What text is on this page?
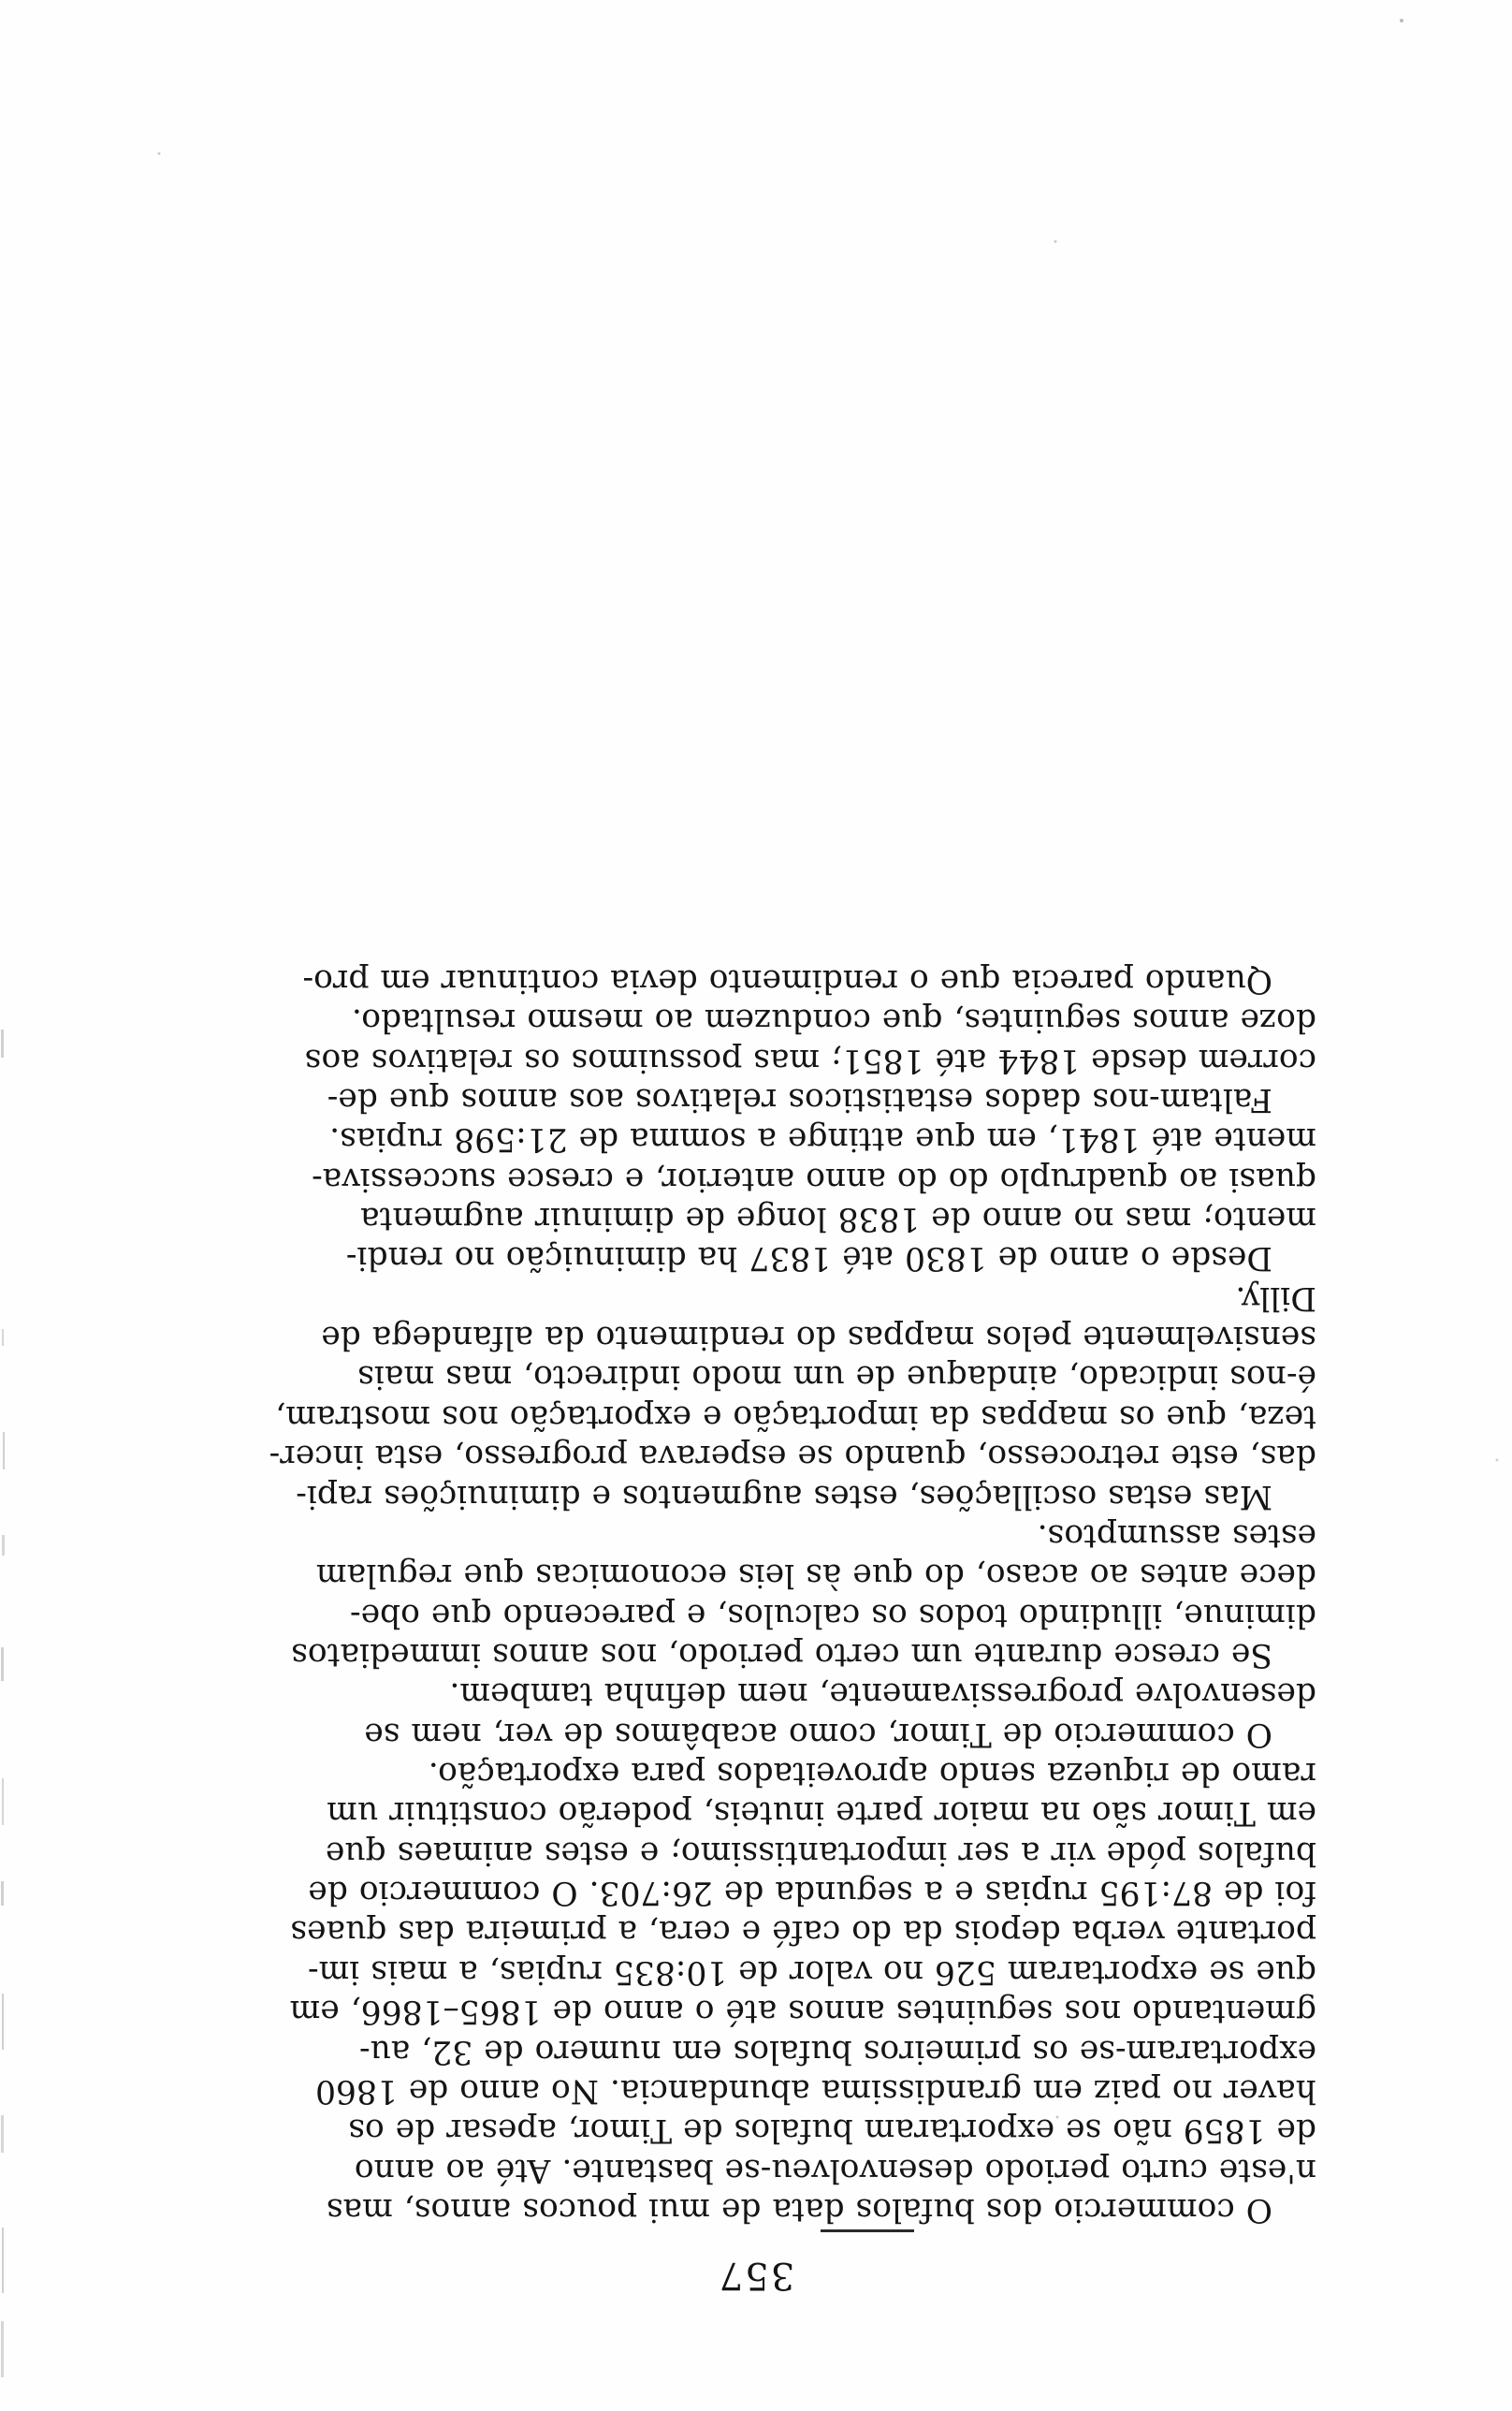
357
O commercio dos bufalos data de mui poucos annos, mas
n'este curto periodo desenvolveu-se bastante. Até ao anno
de 1859 não se exportaram bufalos de Timor, apesar de os
haver no paiz em grandissima abundancia. No anno de 1860
exportaram-se os primeiros bufalos em numero de 32, au-
gmentando nos seguintes annos até o anno de 1865–1866, em
que se exportaram 526 no valor de 10:835 rupias, a mais im-
portante verba depois da do café e cera, a primeira das quaes
foi de 87:195 rupias e a segunda de 26:703. O commercio de
bufalos póde vir a ser importantissimo; e estes animaes que
em Timor são na maior parte inuteis, poderão constituir um
ramo de riqueza sendo aproveitados para exportação.
O commercio de Timor, como acabâmos de ver, nem se
desenvolve progressivamente, nem definha tambem.
Se cresce durante um certo periodo, nos annos immediatos
diminue, illudindo todos os calculos, e parecendo que obe-
dece antes ao acaso, do que às leis economicas que regulam
estes assumptos.
Mas estas oscillações, estes augmentos e diminuições rapi-
das, este retrocesso, quando se esperava progresso, esta incer-
teza, que os mappas da importação e exportação nos mostram,
é-nos indicado, aindaque de um modo indirecto, mas mais
sensivelmente pelos mappas do rendimento da alfandega de
Dilly.
Desde o anno de 1830 até 1837 ha diminuição no rendi-
mento; mas no anno de 1838 longe de diminuir augmenta
quasi ao quadruplo do do anno anterior, e cresce successiva-
mente até 1841, em que attinge a somma de 21:598 rupias.
Faltam-nos dados estatisticos relativos aos annos que de-
correm desde 1844 até 1851; mas possuimos os relativos aos
doze annos seguintes, que conduzem ao mesmo resultado.
Quando parecia que o rendimento devia continuar em pro-
